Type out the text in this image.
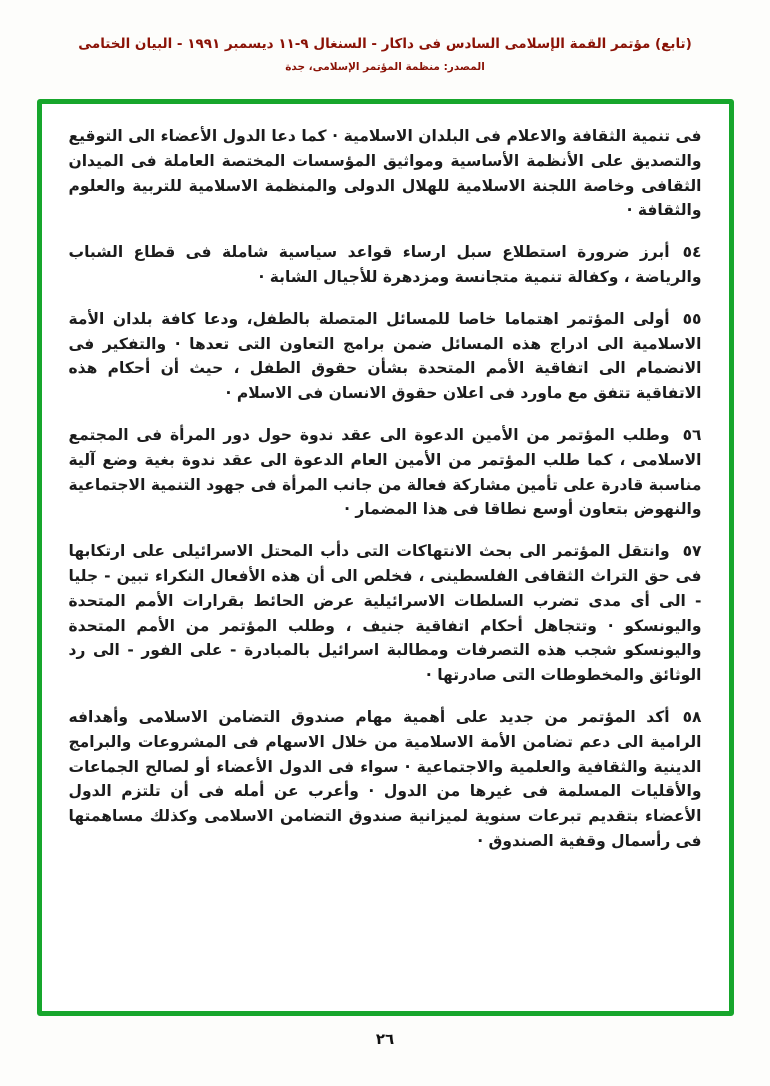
(تابع) مؤتمر القمة الإسلامى السادس فى داكار - السنغال ٩-١١ ديسمبر ١٩٩١ - البيان الختامى
المصدر: منظمة المؤتمر الإسلامى، جدة

فى تنمية الثقافة والاعلام فى البلدان الاسلامية · كما دعا الدول الأعضاء الى التوقيع والتصديق على الأنظمة الأساسية ومواثيق المؤسسات المختصة العاملة فى الميدان الثقافى وخاصة اللجنة الاسلامية للهلال الدولى والمنظمة الاسلامية للتربية والعلوم والثقافة ·

٥٤أبرز ضرورة استطلاع سبل ارساء قواعد سياسية شاملة فى قطاع الشباب والرياضة ، وكفالة تنمية متجانسة ومزدهرة للأجيال الشابة ·

٥٥أولى المؤتمر اهتماما خاصا للمسائل المتصلة بالطفل، ودعا كافة بلدان الأمة الاسلامية الى ادراج هذه المسائل ضمن برامج التعاون التى تعدها · والتفكير فى الانضمام الى اتفاقية الأمم المتحدة بشأن حقوق الطفل ، حيث أن أحكام هذه الاتفاقية تتفق مع ماورد فى اعلان حقوق الانسان فى الاسلام ·

٥٦وطلب المؤتمر من الأمين الدعوة الى عقد ندوة حول دور المرأة فى المجتمع الاسلامى ، كما طلب المؤتمر من الأمين العام الدعوة الى عقد ندوة بغية وضع آلية مناسبة قادرة على تأمين مشاركة فعالة من جانب المرأة فى جهود التنمية الاجتماعية والنهوض بتعاون أوسع نطاقا فى هذا المضمار ·

٥٧وانتقل المؤتمر الى بحث الانتهاكات التى دأب المحتل الاسرائيلى على ارتكابها فى حق التراث الثقافى الفلسطينى ، فخلص الى أن هذه الأفعال النكراء تبين - جليا - الى أى مدى تضرب السلطات الاسرائيلية عرض الحائط بقرارات الأمم المتحدة واليونسكو · وتتجاهل أحكام اتفاقية جنيف ، وطلب المؤتمر من الأمم المتحدة واليونسكو شجب هذه التصرفات ومطالبة اسرائيل بالمبادرة - على الفور - الى رد الوثائق والمخطوطات التى صادرتها ·

٥٨أكد المؤتمر من جديد على أهمية مهام صندوق التضامن الاسلامى وأهدافه الرامية الى دعم تضامن الأمة الاسلامية من خلال الاسهام فى المشروعات والبرامج الدينية والثقافية والعلمية والاجتماعية · سواء فى الدول الأعضاء أو لصالح الجماعات والأقليات المسلمة فى غيرها من الدول · وأعرب عن أمله فى أن تلتزم الدول الأعضاء بتقديم تبرعات سنوية لميزانية صندوق التضامن الاسلامى وكذلك مساهمتها فى رأسمال وقفية الصندوق ·

٢٦
